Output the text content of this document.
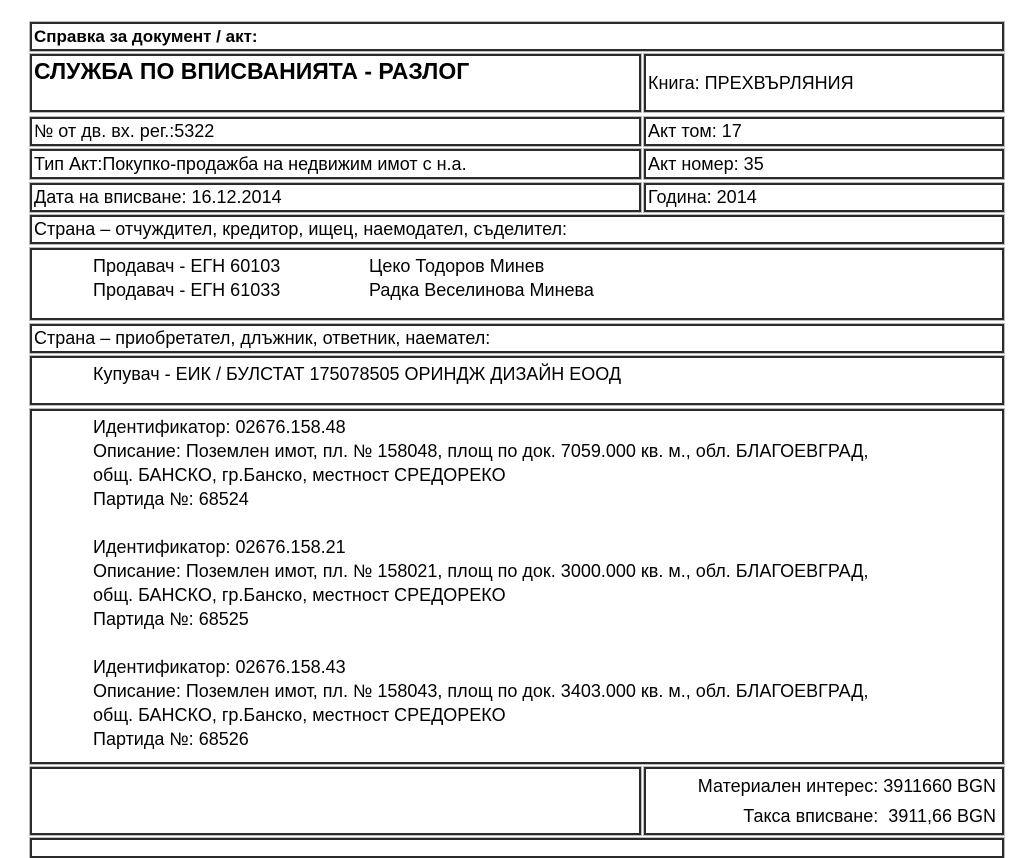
Справка за документ / акт:
СЛУЖБА ПО ВПИСВАНИЯТА - РАЗЛОГ	Книга: ПРЕХВЪРЛЯНИЯ
№ от дв. вх. рег.:5322	Акт том: 17
Тип Акт:Покупко-продажба на недвижим имот с н.а.	Акт номер: 35
Дата на вписване: 16.12.2014	Година: 2014
Страна – отчуждител, кредитор, ищец, наемодател, съделител:
Продавач - ЕГН 60103	Цеко Тодоров Минев
Продавач - ЕГН 61033	Радка Веселинова Минева
Страна – приобретател, длъжник, ответник, наемател:
Купувач - ЕИК / БУЛСТАТ 175078505 ОРИНДЖ ДИЗАЙН ЕООД
Идентификатор: 02676.158.48
Описание: Поземлен имот, пл. № 158048, площ по док. 7059.000 кв. м., обл. БЛАГОЕВГРАД,
общ. БАНСКО, гр.Банско, местност СРЕДОРЕКО
Партида №: 68524
Идентификатор: 02676.158.21
Описание: Поземлен имот, пл. № 158021, площ по док. 3000.000 кв. м., обл. БЛАГОЕВГРАД,
общ. БАНСКО, гр.Банско, местност СРЕДОРЕКО
Партида №: 68525
Идентификатор: 02676.158.43
Описание: Поземлен имот, пл. № 158043, площ по док. 3403.000 кв. м., обл. БЛАГОЕВГРАД,
общ. БАНСКО, гр.Банско, местност СРЕДОРЕКО
Партида №: 68526
Материален интерес: 3911660 BGN
Такса вписване:  3911,66 BGN
